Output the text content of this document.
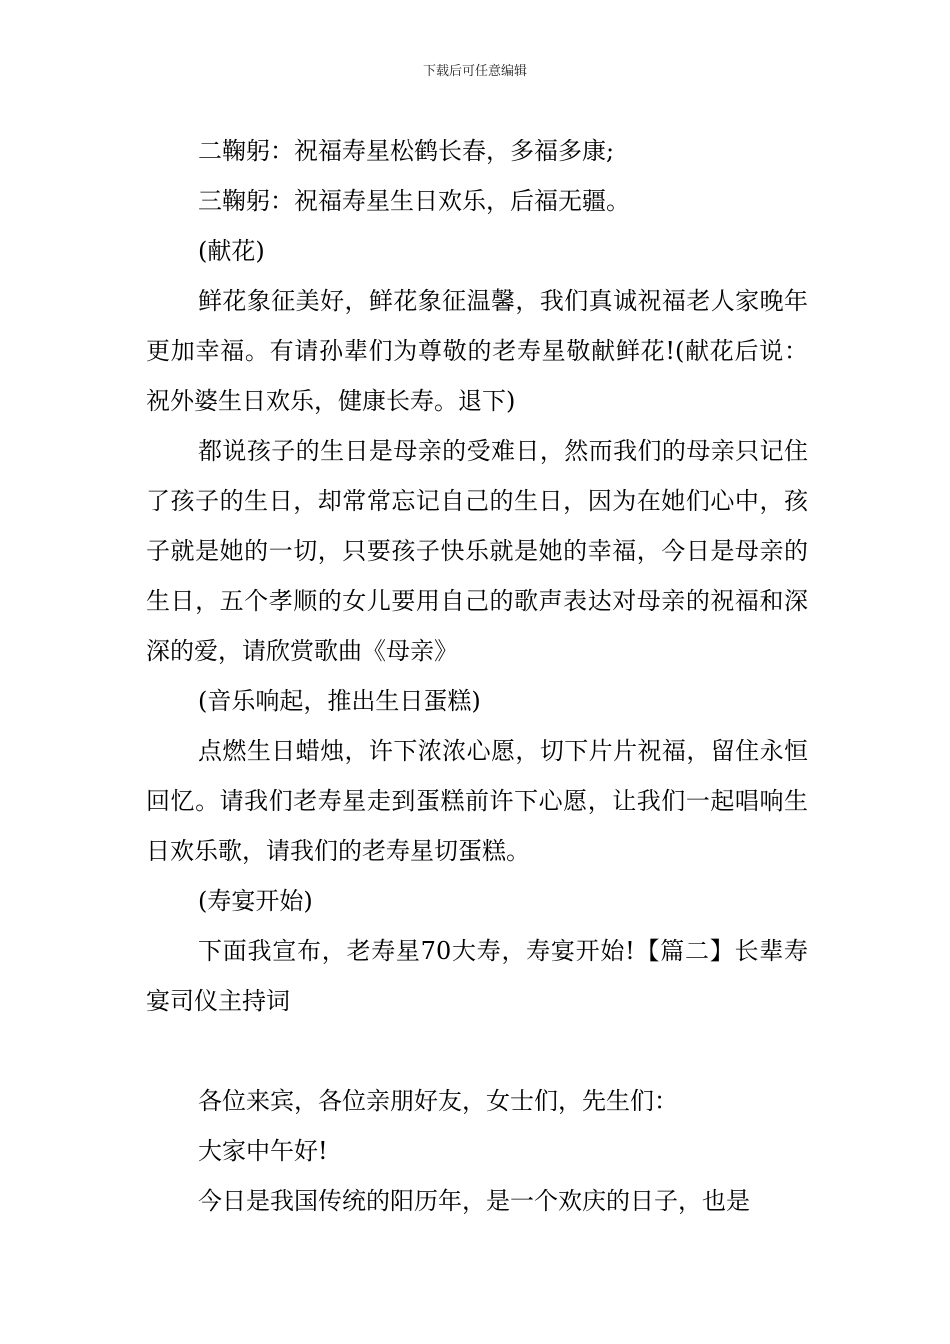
下载后可任意编辑

二鞠躬：祝福寿星松鹤长春，多福多康;

三鞠躬：祝福寿星生日欢乐，后福无疆。

(献花)

鲜花象征美好，鲜花象征温馨，我们真诚祝福老人家晚年更加幸福。有请孙辈们为尊敬的老寿星敬献鲜花!(献花后说：祝外婆生日欢乐，健康长寿。退下)

都说孩子的生日是母亲的受难日，然而我们的母亲只记住了孩子的生日，却常常忘记自己的生日，因为在她们心中，孩子就是她的一切，只要孩子快乐就是她的幸福，今日是母亲的生日，五个孝顺的女儿要用自己的歌声表达对母亲的祝福和深深的爱，请欣赏歌曲《母亲》

(音乐响起，推出生日蛋糕)

点燃生日蜡烛，许下浓浓心愿，切下片片祝福，留住永恒回忆。请我们老寿星走到蛋糕前许下心愿，让我们一起唱响生日欢乐歌，请我们的老寿星切蛋糕。

(寿宴开始)

下面我宣布，老寿星70大寿，寿宴开始!【篇二】长辈寿宴司仪主持词

各位来宾，各位亲朋好友，女士们，先生们：

大家中午好!

今日是我国传统的阳历年，是一个欢庆的日子，也是
